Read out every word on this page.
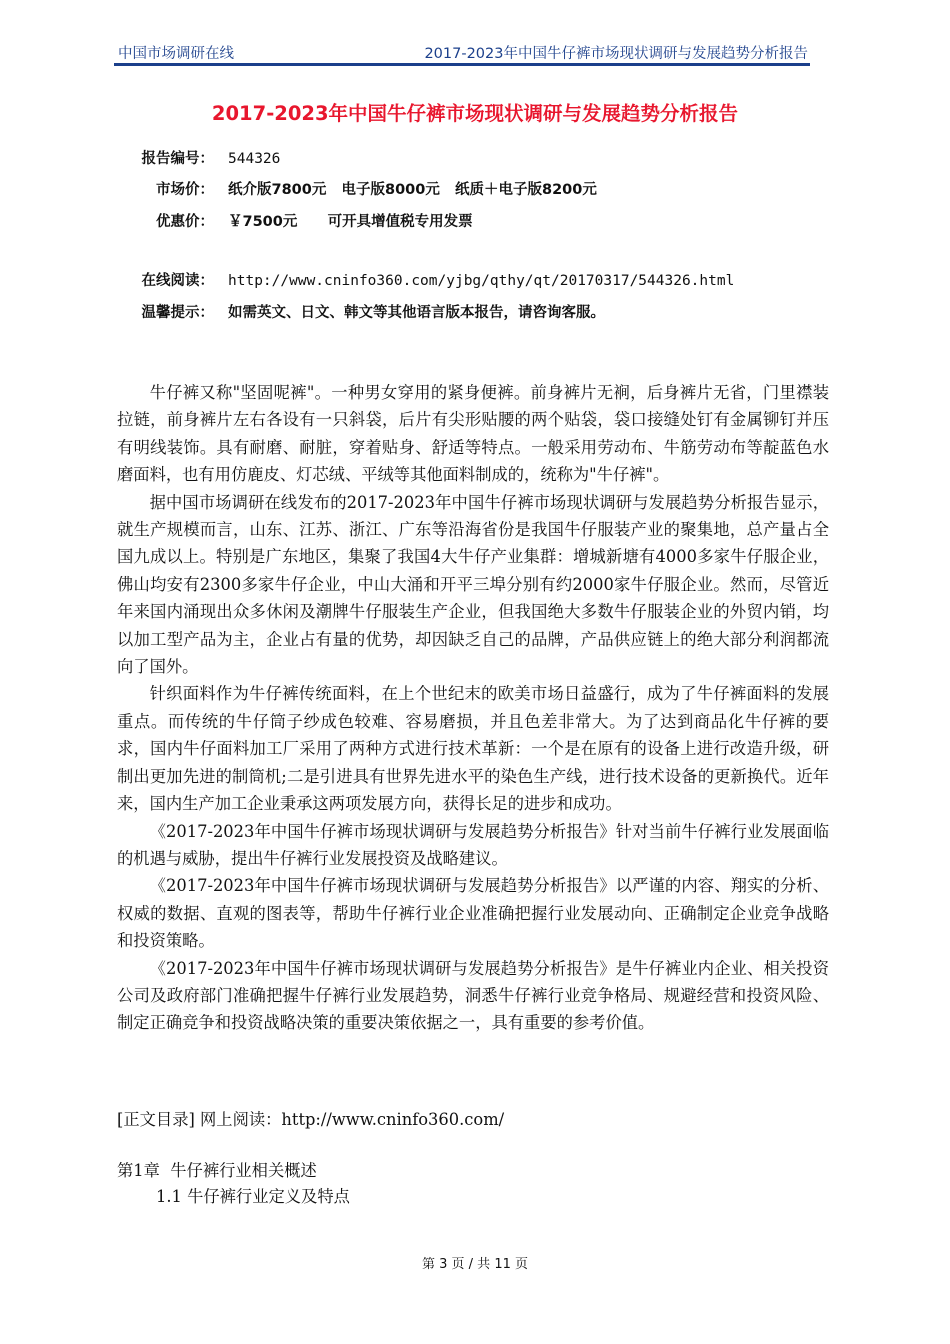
中国市场调研在线	2017-2023年中国牛仔裤市场现状调研与发展趋势分析报告
2017-2023年中国牛仔裤市场现状调研与发展趋势分析报告
报告编号： 544326
市场价： 纸介版7800元   电子版8000元   纸质＋电子版8200元
优惠价： ￥7500元      可开具增值税专用发票
在线阅读： http://www.cninfo360.com/yjbg/qthy/qt/20170317/544326.html
温馨提示： 如需英文、日文、韩文等其他语言版本报告，请咨询客服。

牛仔裤又称"坚固呢裤"。一种男女穿用的紧身便裤。前身裤片无裥，后身裤片无省，门里襟装拉链，前身裤片左右各设有一只斜袋，后片有尖形贴腰的两个贴袋，袋口接缝处钉有金属铆钉并压有明线装饰。具有耐磨、耐脏，穿着贴身、舒适等特点。一般采用劳动布、牛筋劳动布等靛蓝色水磨面料，也有用仿鹿皮、灯芯绒、平绒等其他面料制成的，统称为"牛仔裤"。

据中国市场调研在线发布的2017-2023年中国牛仔裤市场现状调研与发展趋势分析报告显示，就生产规模而言，山东、江苏、浙江、广东等沿海省份是我国牛仔服装产业的聚集地，总产量占全国九成以上。特别是广东地区，集聚了我国4大牛仔产业集群：增城新塘有4000多家牛仔服企业，佛山均安有2300多家牛仔企业，中山大涌和开平三埠分别有约2000家牛仔服企业。然而，尽管近年来国内涌现出众多休闲及潮牌牛仔服装生产企业，但我国绝大多数牛仔服装企业的外贸内销，均以加工型产品为主，企业占有量的优势，却因缺乏自己的品牌，产品供应链上的绝大部分利润都流向了国外。

针织面料作为牛仔裤传统面料，在上个世纪末的欧美市场日益盛行，成为了牛仔裤面料的发展重点。而传统的牛仔筒子纱成色较难、容易磨损，并且色差非常大。为了达到商品化牛仔裤的要求，国内牛仔面料加工厂采用了两种方式进行技术革新：一个是在原有的设备上进行改造升级，研制出更加先进的制筒机;二是引进具有世界先进水平的染色生产线，进行技术设备的更新换代。近年来，国内生产加工企业秉承这两项发展方向，获得长足的进步和成功。

《2017-2023年中国牛仔裤市场现状调研与发展趋势分析报告》针对当前牛仔裤行业发展面临的机遇与威胁，提出牛仔裤行业发展投资及战略建议。

《2017-2023年中国牛仔裤市场现状调研与发展趋势分析报告》以严谨的内容、翔实的分析、权威的数据、直观的图表等，帮助牛仔裤行业企业准确把握行业发展动向、正确制定企业竞争战略和投资策略。

《2017-2023年中国牛仔裤市场现状调研与发展趋势分析报告》是牛仔裤业内企业、相关投资公司及政府部门准确把握牛仔裤行业发展趋势，洞悉牛仔裤行业竞争格局、规避经营和投资风险、制定正确竞争和投资战略决策的重要决策依据之一，具有重要的参考价值。

[正文目录] 网上阅读：http://www.cninfo360.com/
第1章  牛仔裤行业相关概述
1.1 牛仔裤行业定义及特点
第 3 页 / 共 11 页
